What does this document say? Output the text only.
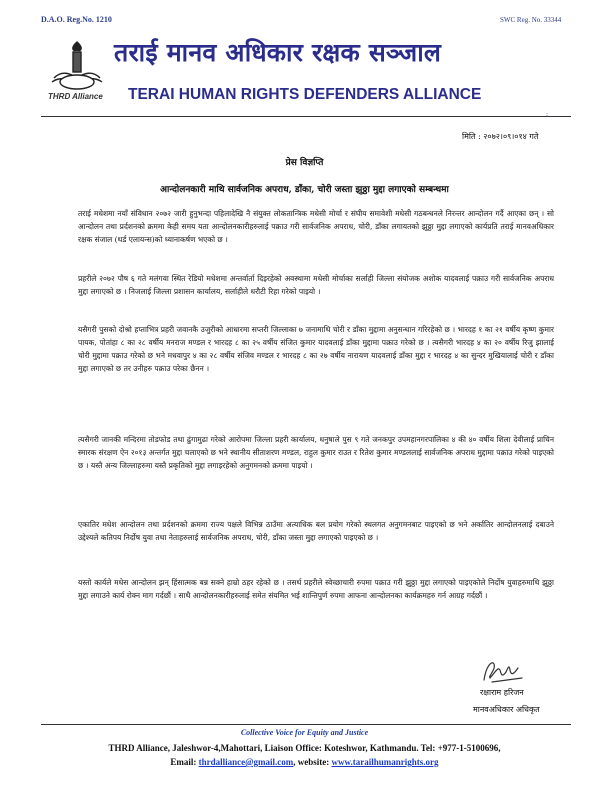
D.A.O. Reg.No. 1210	SWC Reg. No. 33344
THRD Alliance
तराई मानव अधिकार रक्षक सञ्जाल
TERAI HUMAN RIGHTS DEFENDERS ALLIANCE
:
मिति : २०७२।०९।०१४ गते
प्रेस विज्ञप्ति
आन्दोलनकारी माथि सार्वजनिक अपराध, डाँका, चोरी जस्ता झुठ्ठा मुद्दा लगाएको सम्बन्धमा
तराई मधेशमा नयाँ संविधान २०७२ जारी हुनुभन्दा पहिलादेखि नै संयुक्त लोकतान्त्रिक मधेसी मोर्चा र संघीय समावेशी मधेसी गठबन्धनले निरन्तर आन्दोलन गर्दै आएका छन् । सो आन्दोलन तथा प्रर्दशनको क्रममा केही समय यता आन्दोलनकारीहरुलाई पक्राउ गरी सार्वजनिक अपराध, चोरी, डाँका लगायतको झुठ्ठा मुद्दा लगाएको कार्यप्रति तराई मानवअधिकार रक्षक संजाल (थर्ड एलायन्स)को ध्यानाकर्षण भएको छ ।
प्रहरीले २०७२ पौष ६ गते मलंगवा स्थित रेडियो मधेशमा अन्तर्वार्ता दिइरहेको अवस्थामा मधेसी मोर्चाका सर्लाही जिल्ला संयोजक अशोक यादवलाई पक्राउ गरी सार्वजनिक अपराध मुद्दा लगाएको छ । निजलाई जिल्ला प्रशासन कार्यालय, सर्लाहीले धरौटी रिहा गरेको पाइयो ।
यसैगरी पुसको दोश्रो हप्ताभित्र प्रहरी जवानकै उजुरीको आधारमा सप्तरी जिल्लाका ७ जनामाथि चोरी र डाँका मुद्दामा अनुसन्धान गरिरहेको छ । भारदह १ का २१ वर्षीय कृष्ण कुमार पायक, पोतांहा ८ का २८ वर्षीय मनराज मण्डल र भारदह ८ का २५ वर्षीय संजित कुमार यादवलाई डाँका मुद्दामा पक्राउ गरेको छ । त्यसैगरी भारदह ४ का २० वर्षीय रिजु झालाई चोरी मुद्दामा पक्राउ गरेको छ भने मधवापुर ४ का २८ वर्षीय संजिव मण्डल र भारदह ८ का २७ वर्षीय नारायण यादवलाई डाँका मुद्दा र भारदह ४ का सुन्दर मुखियालाई चोरी र डाँका मुद्दा लगाएको छ तर उनीहरु पक्राउ परेका छैनन ।
त्यसैगरी जानकी मन्दिरमा तोडफोड तथा ढुंगामुढा गरेको आरोपमा जिल्ला प्रहरी कार्यालय, धनुषाले पुस ९ गते जनकपुर उपमहानगरपालिका ४ की ४० वर्षीय शिला देवीलाई प्राचिन स्मारक संरक्षण ऐन २०१३ अन्तर्गत मुद्दा चलाएको छ भने स्थानीय सीताशरण मण्डल, राहुल कुमार राउत र रितेश कुमार मण्डललाई सार्वजनिक अपराध मुद्दामा पक्राउ गरेको पाइएको छ । यस्तै अन्य जिल्लाहरुमा यस्तै प्रकृतिको मुद्दा लगाइरहेको अनुगमनको क्रममा पाइयो ।
एकातिर मधेश आन्दोलन तथा प्रर्दशनको क्रममा राज्य पक्षले विभिन्न ठाउँमा अत्याधिक बल प्रयोग गरेको स्थलगत अनुगमनबाट पाइएको छ भने अर्कातिर आन्दोलनलाई दबाउने उद्देश्यले कतिपय निर्दोष युवा तथा नेताहरुलाई सार्वजनिक अपराध, चोरी, डाँका जस्ता मुद्दा लगाएको पाइएको छ ।
यस्तो कार्यले मधेस आन्दोलन झन् हिंसात्मक बन्न सक्ने हाम्रो ठहर रहेको छ । तसर्थ प्रहरीले स्वेच्छाचारी रुपमा पक्राउ गरी झुठ्ठा मुद्दा लगाएको पाइएकोले निर्दोष युवाहरुमाथि झुठ्ठा मुद्दा लगाउने कार्य रोक्न माग गर्दछौं । साथै आन्दोलनकारीहरुलाई समेत संयमित भई शान्तिपुर्ण रुपमा आफना आन्दोलनका कार्यक्रमहरु गर्न आग्रह गर्दछौं ।
रक्षाराम हरिजन
मानवअधिकार अधिकृत
Collective Voice for Equity and Justice
THRD Alliance, Jaleshwor-4,Mahottari, Liaison Office: Koteshwor, Kathmandu. Tel: +977-1-5100696,
Email: thrdalliance@gmail.com, website: www.tarailhumanrights.org
